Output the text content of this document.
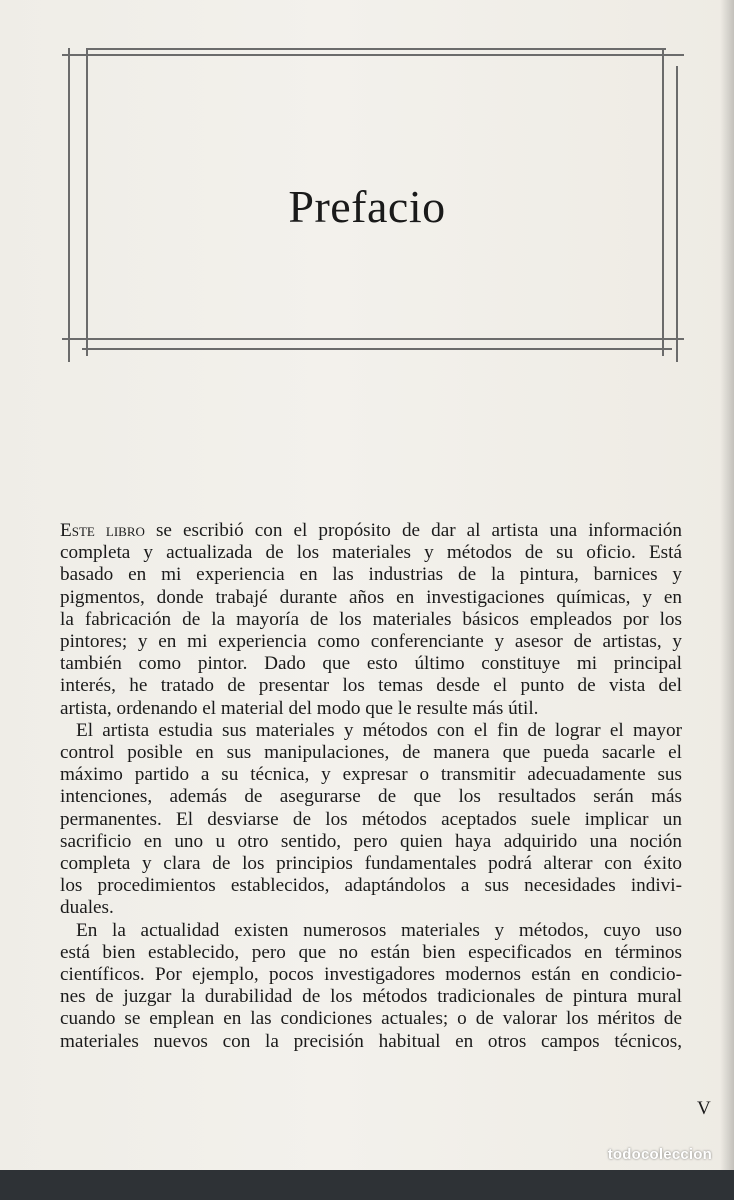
Prefacio

Este libro se escribió con el propósito de dar al artista una información
completa y actualizada de los materiales y métodos de su oficio. Está
basado en mi experiencia en las industrias de la pintura, barnices y
pigmentos, donde trabajé durante años en investigaciones químicas, y en
la fabricación de la mayoría de los materiales básicos empleados por los
pintores; y en mi experiencia como conferenciante y asesor de artistas, y
también como pintor. Dado que esto último constituye mi principal
interés, he tratado de presentar los temas desde el punto de vista del
artista, ordenando el material del modo que le resulte más útil.

El artista estudia sus materiales y métodos con el fin de lograr el mayor
control posible en sus manipulaciones, de manera que pueda sacarle el
máximo partido a su técnica, y expresar o transmitir adecuadamente sus
intenciones, además de asegurarse de que los resultados serán más
permanentes. El desviarse de los métodos aceptados suele implicar un
sacrificio en uno u otro sentido, pero quien haya adquirido una noción
completa y clara de los principios fundamentales podrá alterar con éxito
los procedimientos establecidos, adaptándolos a sus necesidades indivi-
duales.

En la actualidad existen numerosos materiales y métodos, cuyo uso
está bien establecido, pero que no están bien especificados en términos
científicos. Por ejemplo, pocos investigadores modernos están en condicio-
nes de juzgar la durabilidad de los métodos tradicionales de pintura mural
cuando se emplean en las condiciones actuales; o de valorar los méritos de
materiales nuevos con la precisión habitual en otros campos técnicos,

V
todocoleccion
